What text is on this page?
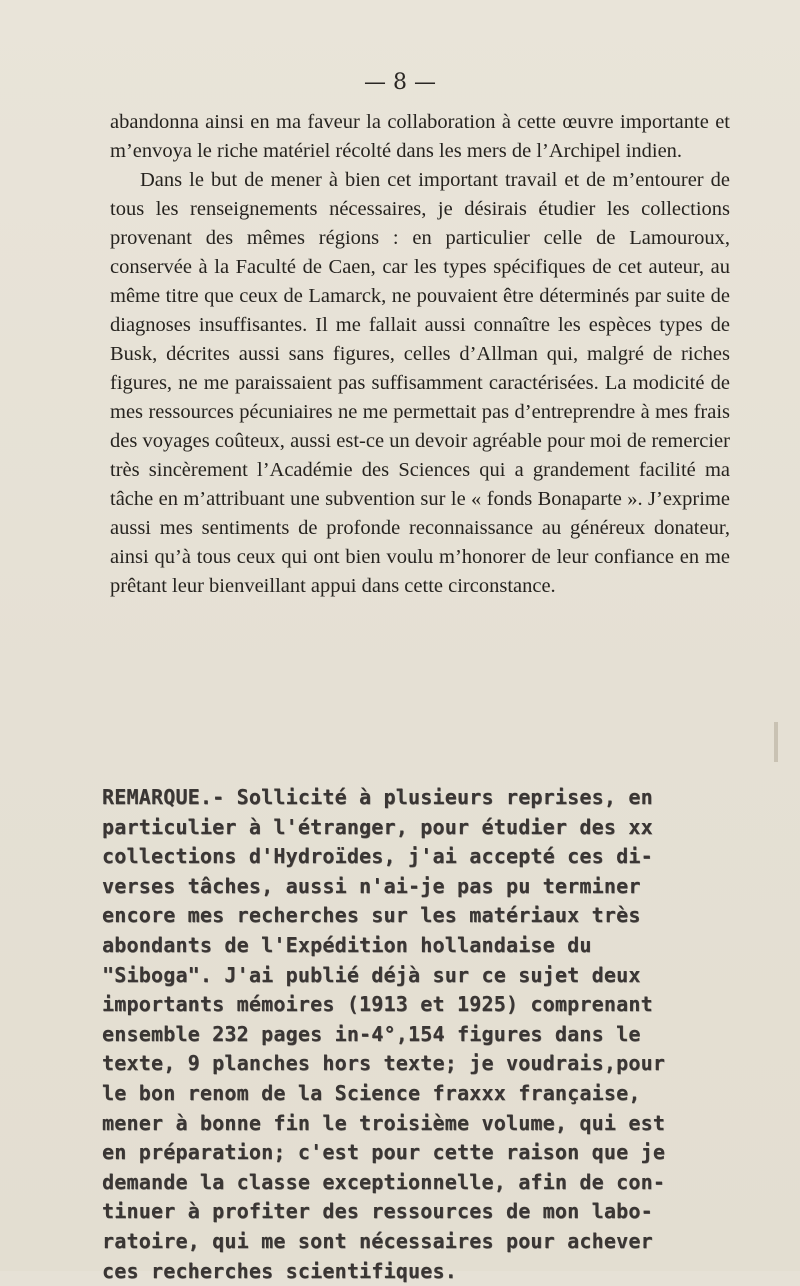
— 8 —

abandonna ainsi en ma faveur la collaboration à cette œuvre importante et m’envoya le riche matériel récolté dans les mers de l’Archipel indien.

Dans le but de mener à bien cet important travail et de m’entourer de tous les renseignements nécessaires, je désirais étudier les collections provenant des mêmes régions : en particulier celle de Lamouroux, conservée à la Faculté de Caen, car les types spécifiques de cet auteur, au même titre que ceux de Lamarck, ne pouvaient être déterminés par suite de diagnoses insuffisantes. Il me fallait aussi connaître les espèces types de Busk, décrites aussi sans figures, celles d’Allman qui, malgré de riches figures, ne me paraissaient pas suffisamment caractérisées. La modicité de mes ressources pécuniaires ne me permettait pas d’entreprendre à mes frais des voyages coûteux, aussi est-ce un devoir agréable pour moi de remercier très sincèrement l’Académie des Sciences qui a grandement facilité ma tâche en m’attribuant une subvention sur le « fonds Bonaparte ». J’exprime aussi mes sentiments de profonde reconnaissance au généreux donateur, ainsi qu’à tous ceux qui ont bien voulu m’honorer de leur confiance en me prêtant leur bienveillant appui dans cette circonstance.

REMARQUE.- Sollicité à plusieurs reprises, en
particulier à l'étranger, pour étudier des xx
collections d'Hydroïdes, j'ai accepté ces di-
verses tâches, aussi n'ai-je pas pu terminer
encore mes recherches sur les matériaux très
abondants de l'Expédition hollandaise du
"Siboga". J'ai publié déjà sur ce sujet deux
importants mémoires (1913 et 1925) comprenant
ensemble 232 pages in-4°,154 figures dans le
texte, 9 planches hors texte; je voudrais,pour
le bon renom de la Science fraxxx française,
mener à bonne fin le troisième volume, qui est
en préparation; c'est pour cette raison que je
demande la classe exceptionnelle, afin de con-
tinuer à profiter des ressources de mon labo-
ratoire, qui me sont nécessaires pour achever
ces recherches scientifiques.
